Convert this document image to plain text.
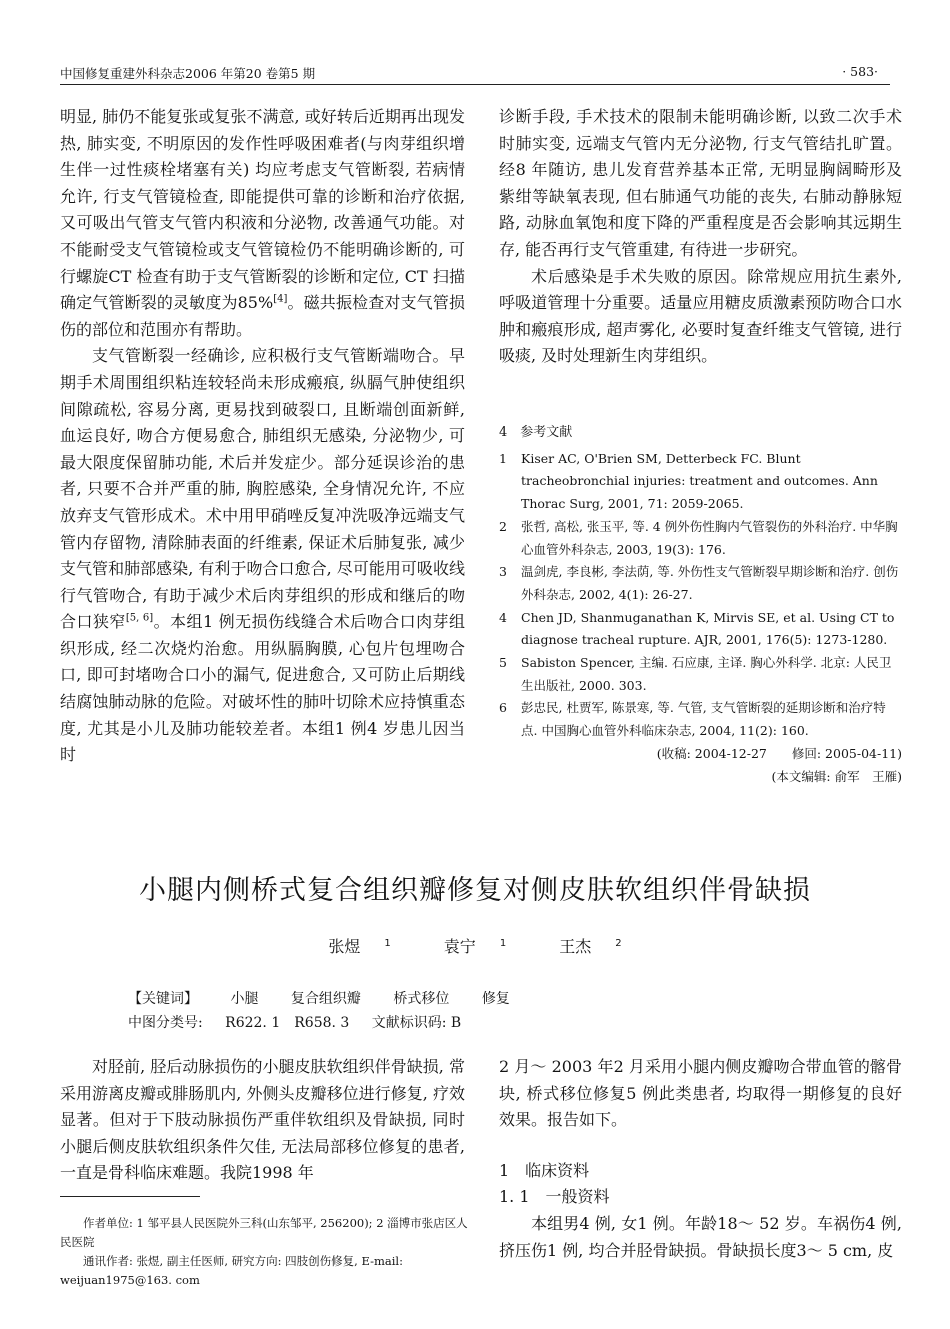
中国修复重建外科杂志2006 年第20 卷第5 期	· 583·

明显, 肺仍不能复张或复张不满意, 或好转后近期再出现发热, 肺实变, 不明原因的发作性呼吸困难者(与肉芽组织增生伴一过性痰栓堵塞有关) 均应考虑支气管断裂, 若病情允许, 行支气管镜检查, 即能提供可靠的诊断和治疗依据, 又可吸出气管支气管内积液和分泌物, 改善通气功能。对不能耐受支气管镜检或支气管镜检仍不能明确诊断的, 可行螺旋CT 检查有助于支气管断裂的诊断和定位, CT 扫描确定气管断裂的灵敏度为85%[4]。磁共振检查对支气管损伤的部位和范围亦有帮助。

支气管断裂一经确诊, 应积极行支气管断端吻合。早期手术周围组织粘连较轻尚未形成瘢痕, 纵膈气肿使组织间隙疏松, 容易分离, 更易找到破裂口, 且断端创面新鲜, 血运良好, 吻合方便易愈合, 肺组织无感染, 分泌物少, 可最大限度保留肺功能, 术后并发症少。部分延误诊治的患者, 只要不合并严重的肺, 胸腔感染, 全身情况允许, 不应放弃支气管形成术。术中用甲硝唑反复冲洗吸净远端支气管内存留物, 清除肺表面的纤维素, 保证术后肺复张, 减少支气管和肺部感染, 有利于吻合口愈合, 尽可能用可吸收线行气管吻合, 有助于减少术后肉芽组织的形成和继后的吻合口狭窄[5, 6]。本组1 例无损伤线缝合术后吻合口肉芽组织形成, 经二次烧灼治愈。用纵膈胸膜, 心包片包埋吻合口, 即可封堵吻合口小的漏气, 促进愈合, 又可防止后期线结腐蚀肺动脉的危险。对破坏性的肺叶切除术应持慎重态度, 尤其是小儿及肺功能较差者。本组1 例4 岁患儿因当时

诊断手段, 手术技术的限制未能明确诊断, 以致二次手术时肺实变, 远端支气管内无分泌物, 行支气管结扎旷置。经8 年随访, 患儿发育营养基本正常, 无明显胸阔畸形及紫绀等缺氧表现, 但右肺通气功能的丧失, 右肺动静脉短路, 动脉血氧饱和度下降的严重程度是否会影响其远期生存, 能否再行支气管重建, 有待进一步研究。

术后感染是手术失败的原因。除常规应用抗生素外, 呼吸道管理十分重要。适量应用糖皮质激素预防吻合口水肿和瘢痕形成, 超声雾化, 必要时复查纤维支气管镜, 进行吸痰, 及时处理新生肉芽组织。

4　 参考文献
1 Kiser AC, O'Brien SM, Detterbeck FC. Blunt tracheobronchial injuries: treatment and outcomes. Ann Thorac Surg, 2001, 71: 2059-2065.
2 张哲, 高松, 张玉平, 等. 4 例外伤性胸内气管裂伤的外科治疗. 中华胸心血管外科杂志, 2003, 19(3): 176.
3 温剑虎, 李良彬, 李法荫, 等. 外伤性支气管断裂早期诊断和治疗. 创伤外科杂志, 2002, 4(1): 26-27.
4 Chen JD, Shanmuganathan K, Mirvis SE, et al. Using CT to diagnose tracheal rupture. AJR, 2001, 176(5): 1273-1280.
5 Sabiston Spencer, 主编. 石应康, 主译. 胸心外科学. 北京: 人民卫生出版社, 2000. 303.
6 彭忠民, 杜贾军, 陈景寒, 等. 气管, 支气管断裂的延期诊断和治疗特点. 中国胸心血管外科临床杂志, 2004, 11(2): 160.
(收稿: 2004-12-27　　修回: 2005-04-11)
(本文编辑: 俞军　王雁)
小腿内侧桥式复合组织瓣修复对侧皮肤软组织伴骨缺损
张煜 $^1$	袁宁 $^1$	王杰 $^2$
【关键词】 小腿 复合组织瓣 桥式移位 修复
中图分类号: R622. 1　R658. 3 文献标识码: B

对胫前, 胫后动脉损伤的小腿皮肤软组织伴骨缺损, 常采用游离皮瓣或腓肠肌内, 外侧头皮瓣移位进行修复, 疗效显著。但对于下肢动脉损伤严重伴软组织及骨缺损, 同时小腿后侧皮肤软组织条件欠佳, 无法局部移位修复的患者, 一直是骨科临床难题。我院1998 年

作者单位: 1 邹平县人民医院外三科(山东邹平, 256200); 2 淄博市张店区人民医院
通讯作者: 张煜, 副主任医师, 研究方向: 四肢创伤修复, E-mail: weijuan1975@163. com

2 月～ 2003 年2 月采用小腿内侧皮瓣吻合带血管的髂骨块, 桥式移位修复5 例此类患者, 均取得一期修复的良好效果。报告如下。

1　临床资料

1. 1　一般资料

本组男4 例, 女1 例。年龄18～ 52 岁。车祸伤4 例, 挤压伤1 例, 均合并胫骨缺损。骨缺损长度3～ 5 cm, 皮
